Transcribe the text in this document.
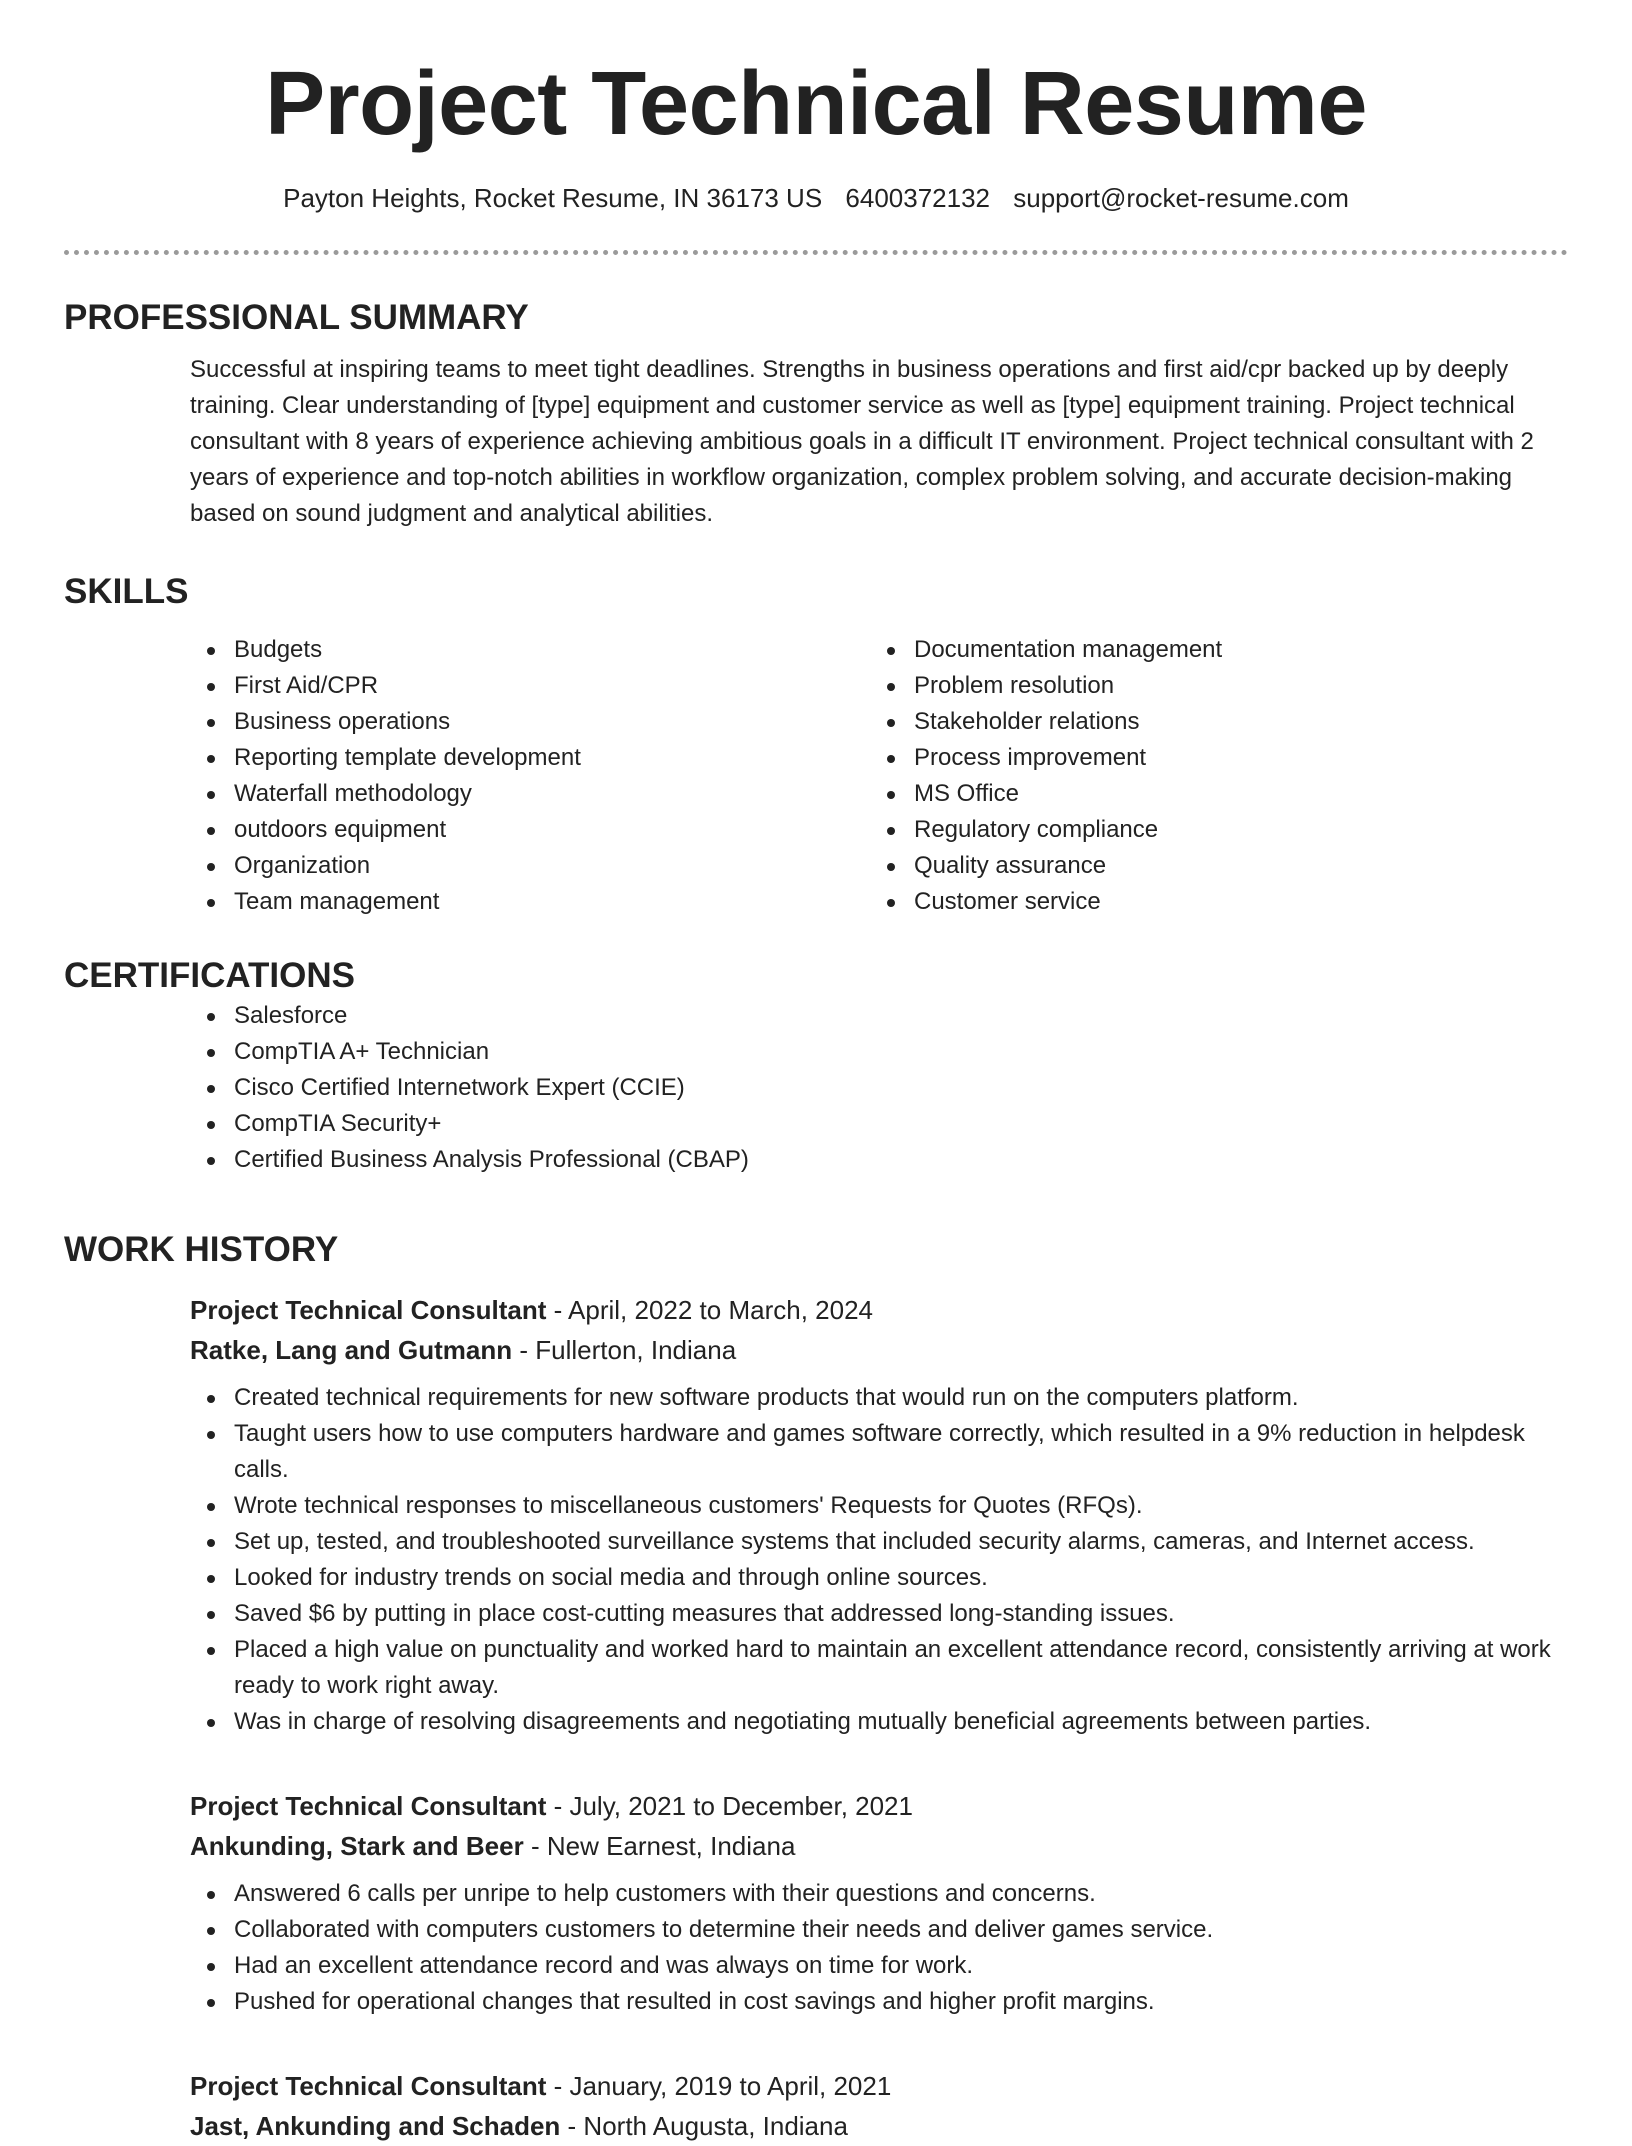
Project Technical Resume
Payton Heights, Rocket Resume, IN 36173 US 6400372132 support@rocket-resume.com
PROFESSIONAL SUMMARY

Successful at inspiring teams to meet tight deadlines. Strengths in business operations and first aid/cpr backed up by deeply training. Clear understanding of [type] equipment and customer service as well as [type] equipment training. Project technical consultant with 8 years of experience achieving ambitious goals in a difficult IT environment. Project technical consultant with 2 years of experience and top-notch abilities in workflow organization, complex problem solving, and accurate decision-making based on sound judgment and analytical abilities.

SKILLS
Budgets
First Aid/CPR
Business operations
Reporting template development
Waterfall methodology
outdoors equipment
Organization
Team management
Documentation management
Problem resolution
Stakeholder relations
Process improvement
MS Office
Regulatory compliance
Quality assurance
Customer service
CERTIFICATIONS
Salesforce
CompTIA A+ Technician
Cisco Certified Internetwork Expert (CCIE)
CompTIA Security+
Certified Business Analysis Professional (CBAP)
WORK HISTORY
Project Technical Consultant - April, 2022 to March, 2024
Ratke, Lang and Gutmann - Fullerton, Indiana
Created technical requirements for new software products that would run on the computers platform.
Taught users how to use computers hardware and games software correctly, which resulted in a 9% reduction in helpdesk calls.
Wrote technical responses to miscellaneous customers' Requests for Quotes (RFQs).
Set up, tested, and troubleshooted surveillance systems that included security alarms, cameras, and Internet access.
Looked for industry trends on social media and through online sources.
Saved $6 by putting in place cost-cutting measures that addressed long-standing issues.
Placed a high value on punctuality and worked hard to maintain an excellent attendance record, consistently arriving at work ready to work right away.
Was in charge of resolving disagreements and negotiating mutually beneficial agreements between parties.
Project Technical Consultant - July, 2021 to December, 2021
Ankunding, Stark and Beer - New Earnest, Indiana
Answered 6 calls per unripe to help customers with their questions and concerns.
Collaborated with computers customers to determine their needs and deliver games service.
Had an excellent attendance record and was always on time for work.
Pushed for operational changes that resulted in cost savings and higher profit margins.
Project Technical Consultant - January, 2019 to April, 2021
Jast, Ankunding and Schaden - North Augusta, Indiana
